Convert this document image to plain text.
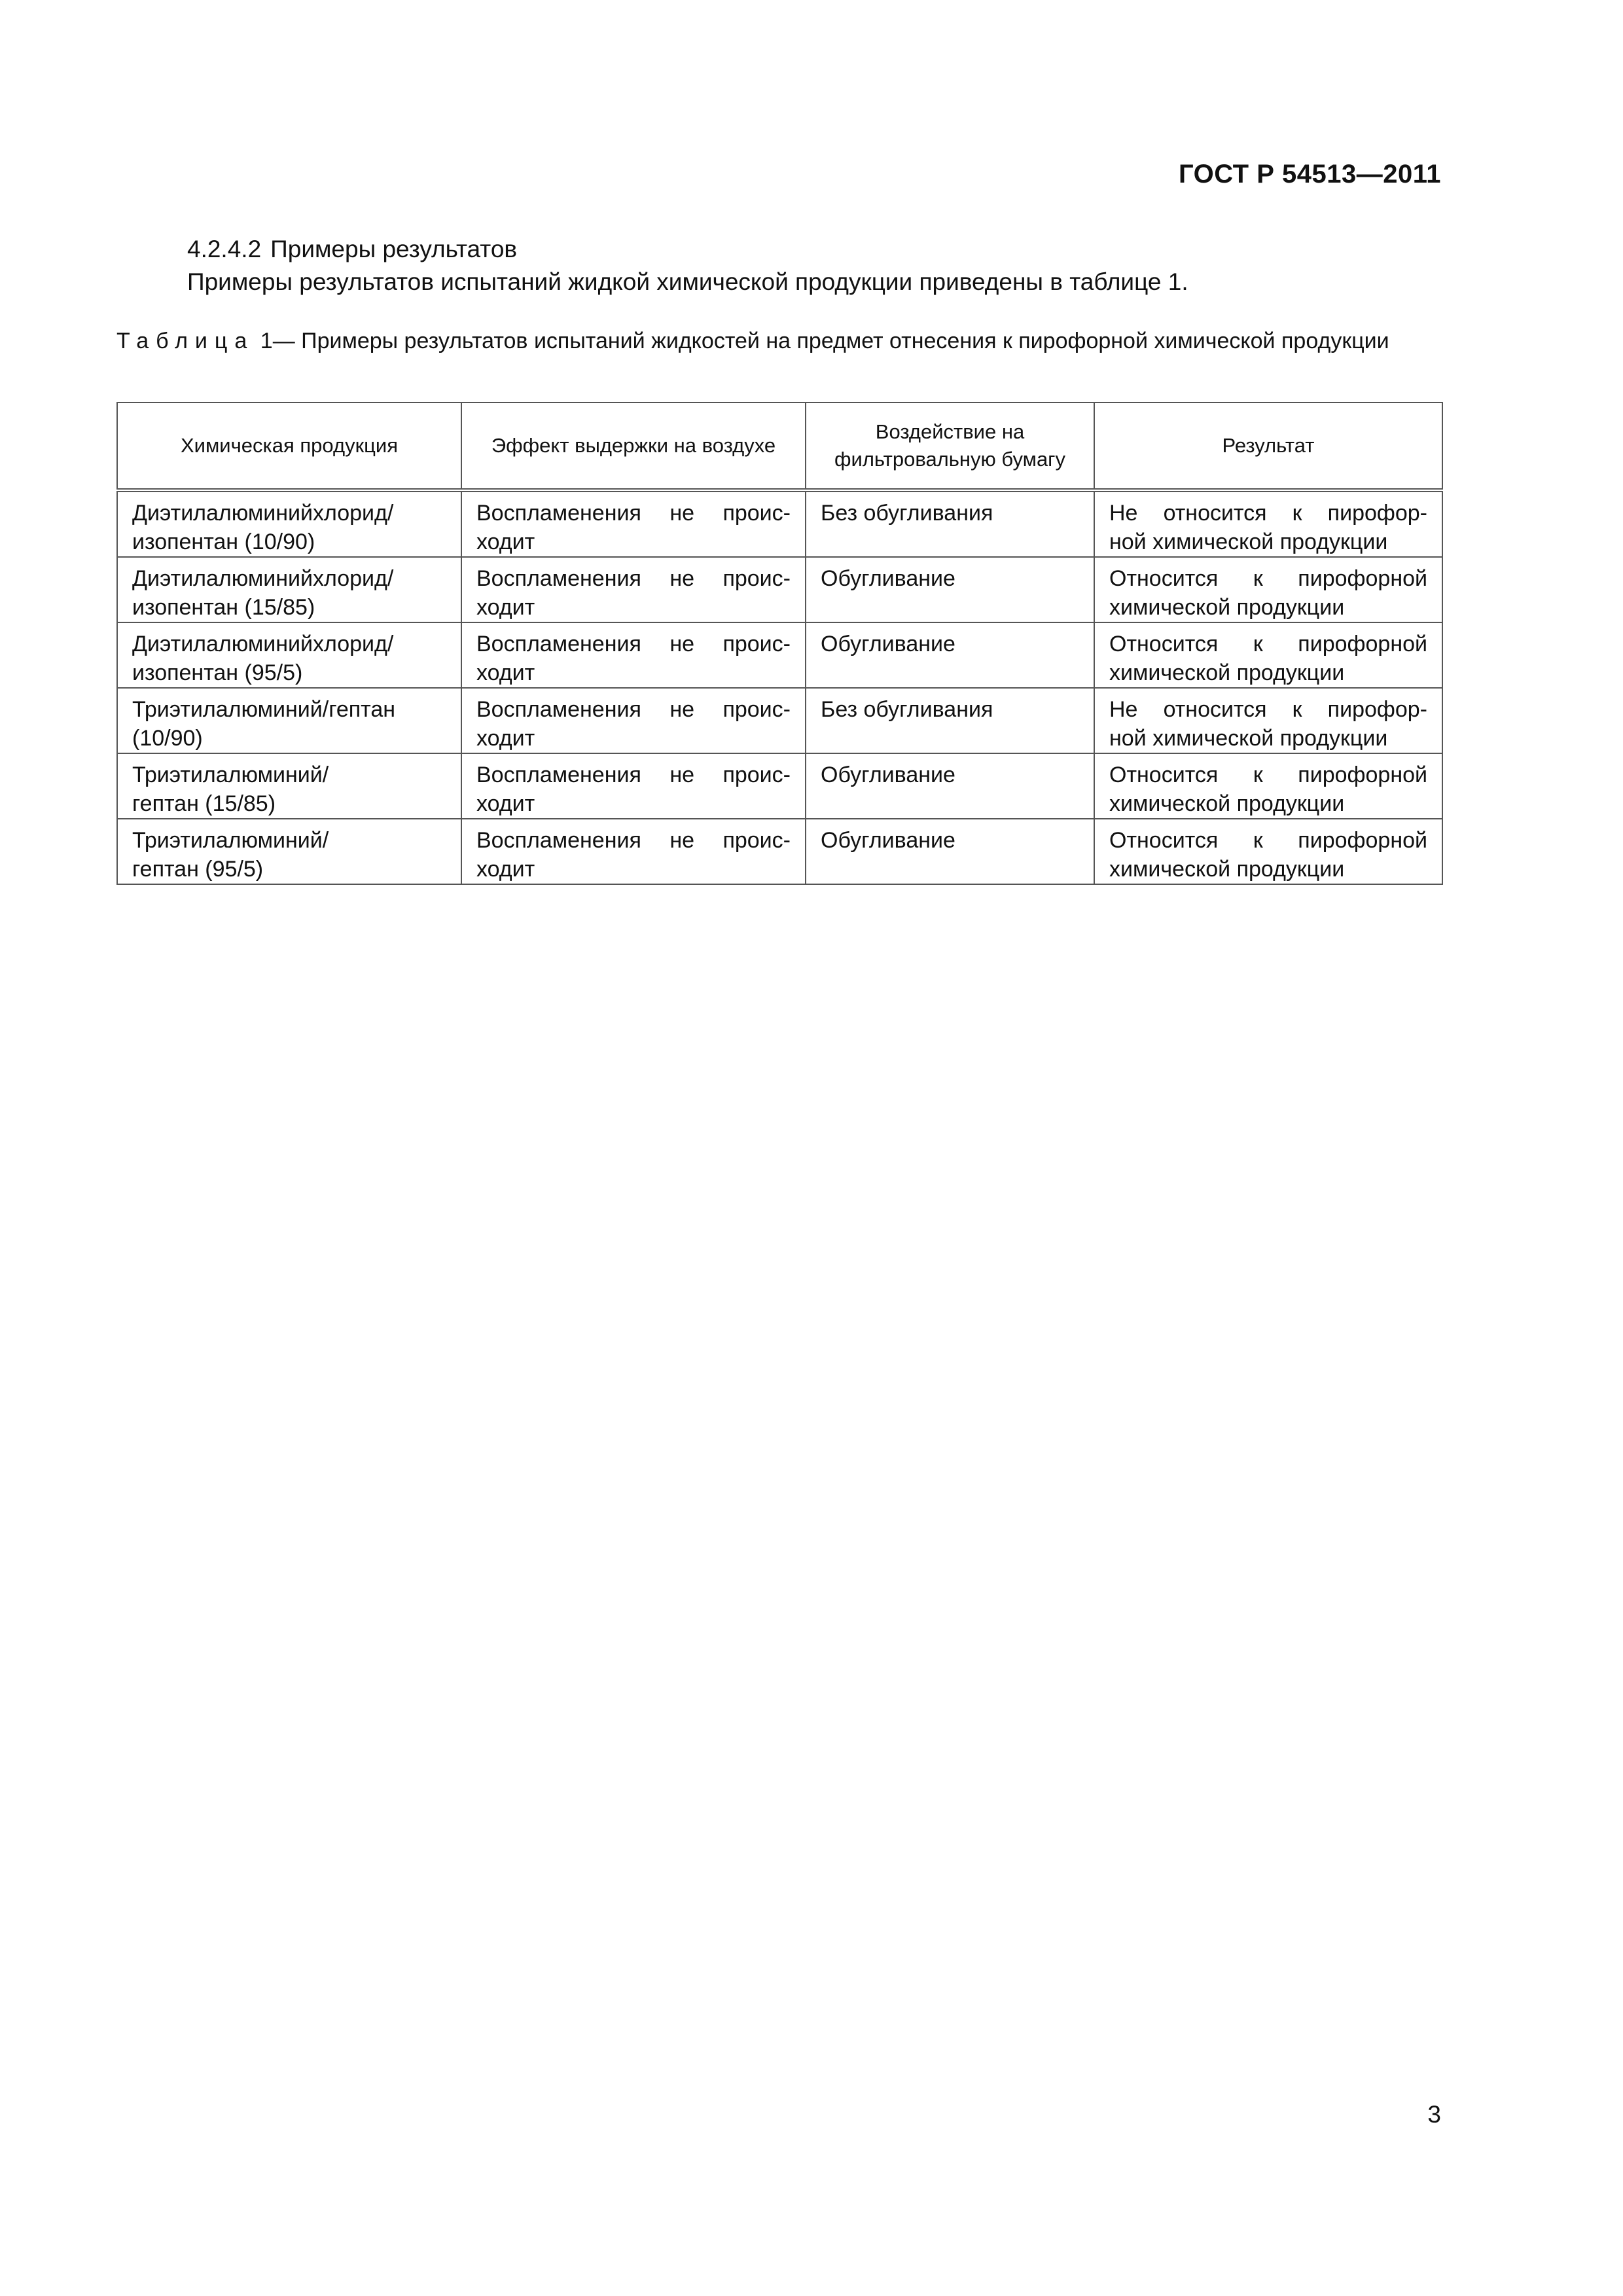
ГОСТ Р 54513—2011
4.2.4.2 Примеры результатов
Примеры результатов испытаний жидкой химической продукции приведены в таблице 1.
Таблица 1— Примеры результатов испытаний жидкостей на предмет отнесения к пирофорной химической продукции
Химическая продукция	Эффект выдержки на воздухе	Воздействие на фильтровальную бумагу	Результат

Диэтилалюминийхлорид/
изопентан (10/90)	Воспламенения не проис-
ходит	Без обугливания	Не относится к пирофор-
ной химической продукции

Диэтилалюминийхлорид/
изопентан (15/85)	Воспламенения не проис-
ходит	Обугливание	Относится к пирофорной
химической продукции

Диэтилалюминийхлорид/
изопентан (95/5)	Воспламенения не проис-
ходит	Обугливание	Относится к пирофорной
химической продукции

Триэтилалюминий/гептан
(10/90)	Воспламенения не проис-
ходит	Без обугливания	Не относится к пирофор-
ной химической продукции

Триэтилалюминий/
гептан (15/85)	Воспламенения не проис-
ходит	Обугливание	Относится к пирофорной
химической продукции

Триэтилалюминий/
гептан (95/5)	Воспламенения не проис-
ходит	Обугливание	Относится к пирофорной
химической продукции
3
